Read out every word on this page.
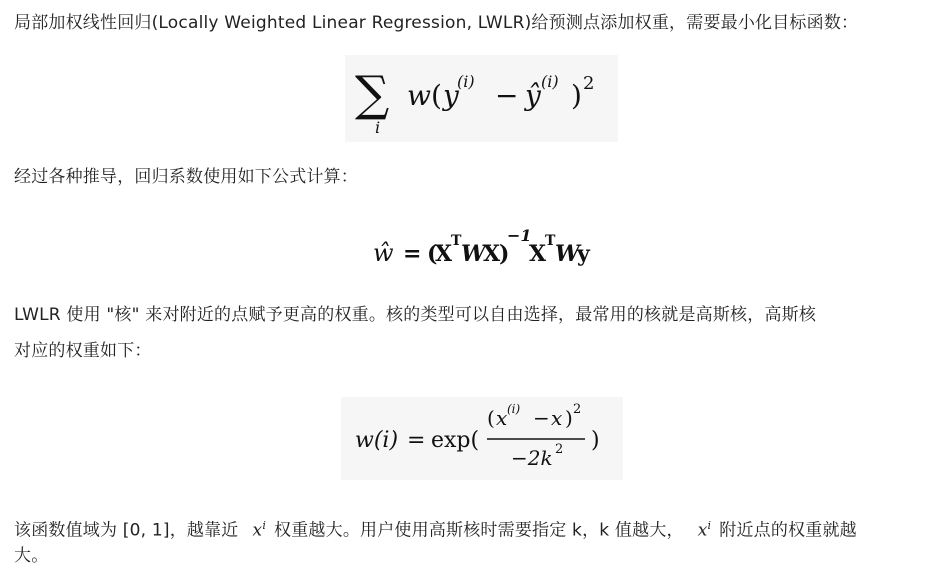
局部加权线性回归(Locally Weighted Linear Regression, LWLR)给预测点添加权重，需要最小化目标函数：
∑
i
w ( y
(i) − ŷ (i) ) 2
经过各种推导，回归系数使用如下公式计算：
ŵ = (
X
T W
X
)
−1
X
T W
y
LWLR 使用 "核" 来对附近的点赋予更高的权重。核的类型可以自由选择，最常用的核就是高斯核，高斯核
对应的权重如下：
w(i) = exp(
( x (i) − x ) 2
−2k 2 )
该函数值域为 [0, 1]，越靠近 $x^i$ 权重越大。用户使用高斯核时需要指定 k，k 值越大， $x^i$ 附近点的权重就越
大。
